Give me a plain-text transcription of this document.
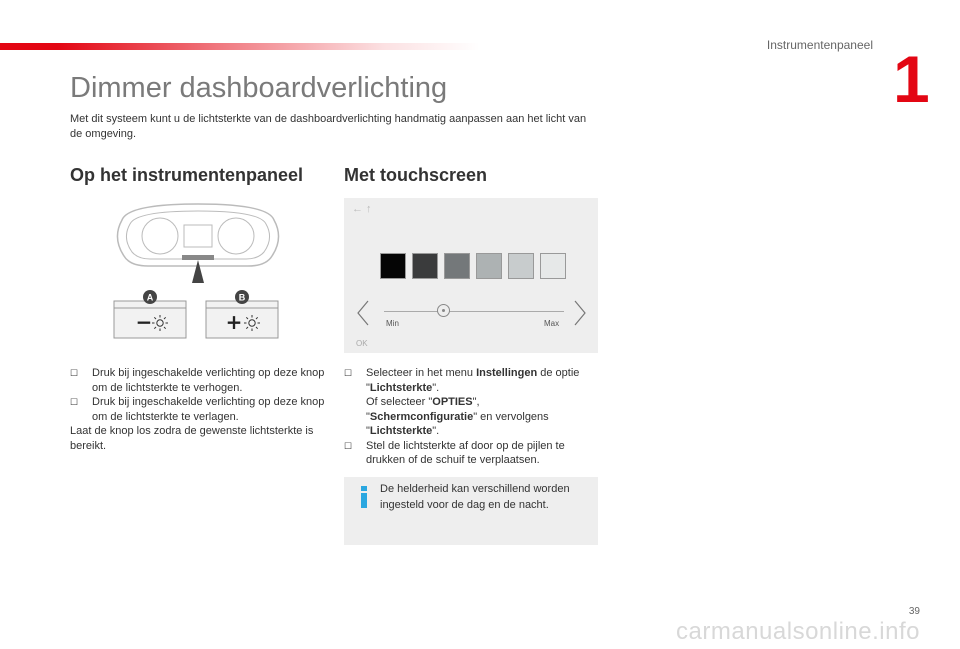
Instrumentenpaneel 1
Dimmer dashboardverlichting
Met dit systeem kunt u de lichtsterkte van de dashboardverlichting handmatig aanpassen aan het licht van de omgeving.
Op het instrumentenpaneel Met touchscreen
−	+
A	B
← ↑
Min	Max
OK
☐ Druk bij ingeschakelde verlichting op deze knop om de lichtsterkte te verhogen.
☐ Druk bij ingeschakelde verlichting op deze knop om de lichtsterkte te verlagen.
Laat de knop los zodra de gewenste lichtsterkte is bereikt.
☐ Selecteer in het menu Instellingen de optie "Lichtsterkte".
Of selecteer "OPTIES",
"Schermconfiguratie" en vervolgens
"Lichtsterkte".
☐ Stel de lichtsterkte af door op de pijlen te drukken of de schuif te verplaatsen.
De helderheid kan verschillend worden ingesteld voor de dag en de nacht.
39
carmanualsonline.info
